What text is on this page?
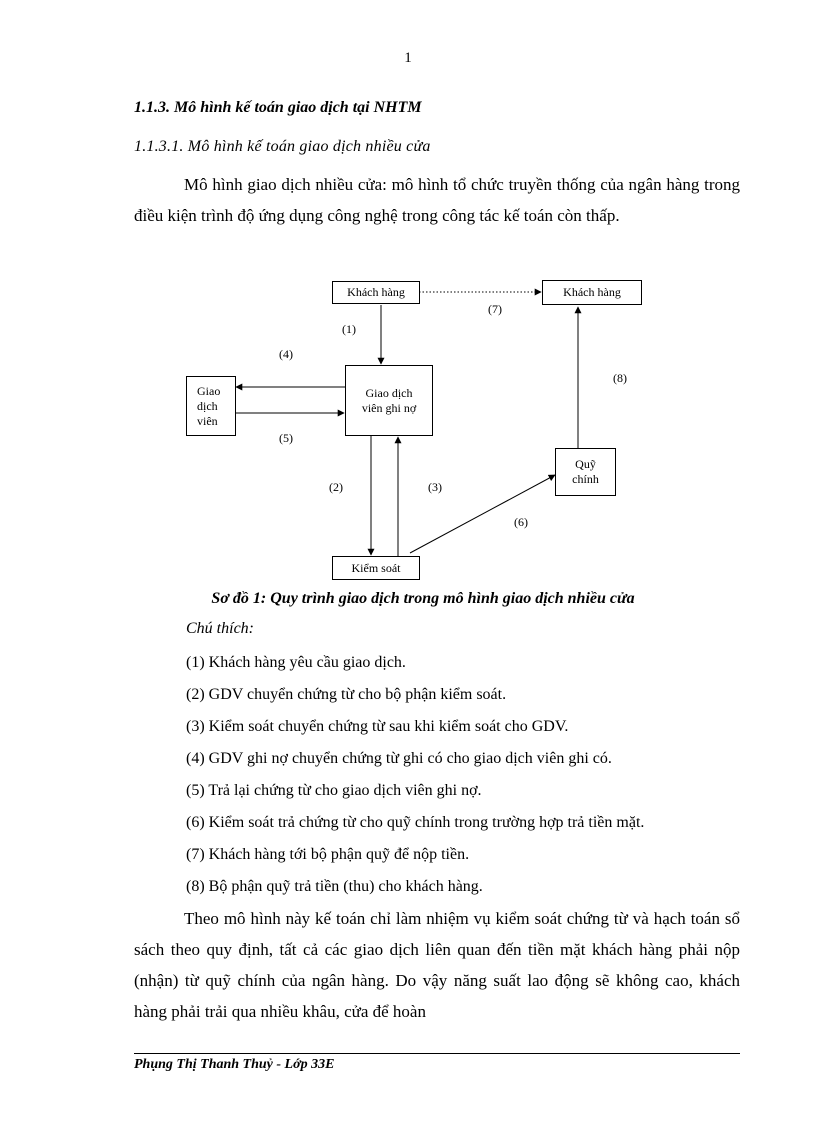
1
1.1.3. Mô hình kế toán giao dịch tại NHTM
1.1.3.1. Mô hình kế toán giao dịch nhiều cửa
Mô hình giao dịch nhiều cửa: mô hình tổ chức truyền thống của ngân hàng trong điều kiện trình độ ứng dụng công nghệ trong công tác kế toán còn thấp.
Khách hàng	Khách hàng
Giao dịch viên ghi nợ
Giao dịch viên
Kiểm soát
Quỹ chính
(1)
(2)	(3)
(4)
(5)
(6)
(7)
(8)
Sơ đồ 1: Quy trình giao dịch trong mô hình giao dịch nhiều cửa
Chú thích:
(1) Khách hàng yêu cầu giao dịch.
(2) GDV chuyển chứng từ cho bộ phận kiểm soát.
(3) Kiểm soát chuyển chứng từ sau khi kiểm soát cho GDV.
(4) GDV ghi nợ chuyển chứng từ ghi có cho giao dịch viên ghi có.
(5) Trả lại chứng từ cho giao dịch viên ghi nợ.
(6) Kiểm soát trả chứng từ cho quỹ chính trong trường hợp trả tiền mặt.
(7) Khách hàng tới bộ phận quỹ để nộp tiền.
(8) Bộ phận quỹ trả tiền (thu) cho khách hàng.
Theo mô hình này kế toán chỉ làm nhiệm vụ kiểm soát chứng từ và hạch toán sổ sách theo quy định, tất cả các giao dịch liên quan đến tiền mặt khách hàng phải nộp (nhận) từ quỹ chính của ngân hàng. Do vậy năng suất lao động sẽ không cao, khách hàng phải trải qua nhiều khâu, cửa để hoàn
Phụng Thị Thanh Thuỷ - Lớp 33E
